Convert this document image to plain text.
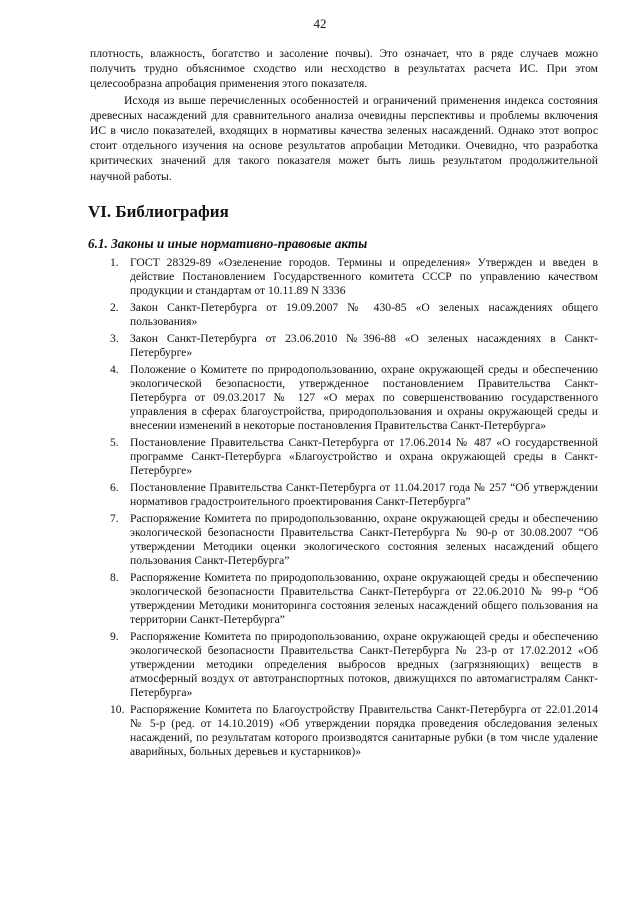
42

плотность, влажность, богатство и засоление почвы). Это означает, что в ряде случаев можно получить трудно объяснимое сходство или несходство в результатах расчета ИС. При этом целесообразна апробация применения этого показателя.

Исходя из выше перечисленных особенностей и ограничений применения индекса состояния древесных насаждений для сравнительного анализа очевидны перспективы и проблемы включения ИС в число показателей, входящих в нормативы качества зеленых насаждений. Однако этот вопрос стоит отдельного изучения на основе результатов апробации Методики. Очевидно, что разработка критических значений для такого показателя может быть лишь результатом продолжительной научной работы.

VI. Библиография
6.1. Законы и иные нормативно-правовые акты
1. ГОСТ 28329-89 «Озеленение городов. Термины и определения» Утвержден и введен в действие Постановлением Государственного комитета СССР по управлению качеством продукции и стандартам от 10.11.89 N 3336
2. Закон Санкт-Петербурга от 19.09.2007 № 430-85 «О зеленых насаждениях общего пользования»
3. Закон Санкт-Петербурга от 23.06.2010 №396-88 «О зеленых насаждениях в Санкт-Петербурге»
4. Положение о Комитете по природопользованию, охране окружающей среды и обеспечению экологической безопасности, утвержденное постановлением Правительства Санкт-Петербурга от 09.03.2017 № 127 «О мерах по совершенствованию государственного управления в сферах благоустройства, природопользования и охраны окружающей среды и внесении изменений в некоторые постановления Правительства Санкт-Петербурга»
5. Постановление Правительства Санкт-Петербурга от 17.06.2014 № 487 «О государственной программе Санкт-Петербурга «Благоустройство и охрана окружающей среды в Санкт-Петербурге»
6. Постановление Правительства Санкт-Петербурга от 11.04.2017 года № 257 “Об утверждении нормативов градостроительного проектирования Санкт-Петербурга”
7. Распоряжение Комитета по природопользованию, охране окружающей среды и обеспечению экологической безопасности Правительства Санкт-Петербурга № 90-р от 30.08.2007 “Об утверждении Методики оценки экологического состояния зеленых насаждений общего пользования Санкт-Петербурга”
8. Распоряжение Комитета по природопользованию, охране окружающей среды и обеспечению экологической безопасности Правительства Санкт-Петербурга от 22.06.2010 № 99-р “Об утверждении Методики мониторинга состояния зеленых насаждений общего пользования на территории Санкт-Петербурга”
9. Распоряжение Комитета по природопользованию, охране окружающей среды и обеспечению экологической безопасности Правительства Санкт-Петербурга № 23-р от 17.02.2012 «Об утверждении методики определения выбросов вредных (загрязняющих) веществ в атмосферный воздух от автотранспортных потоков, движущихся по автомагистралям Санкт-Петербурга»
10. Распоряжение Комитета по Благоустройству Правительства Санкт-Петербурга от 22.01.2014 № 5-р (ред. от 14.10.2019) «Об утверждении порядка проведения обследования зеленых насаждений, по результатам которого производятся санитарные рубки (в том числе удаление аварийных, больных деревьев и кустарников)»
